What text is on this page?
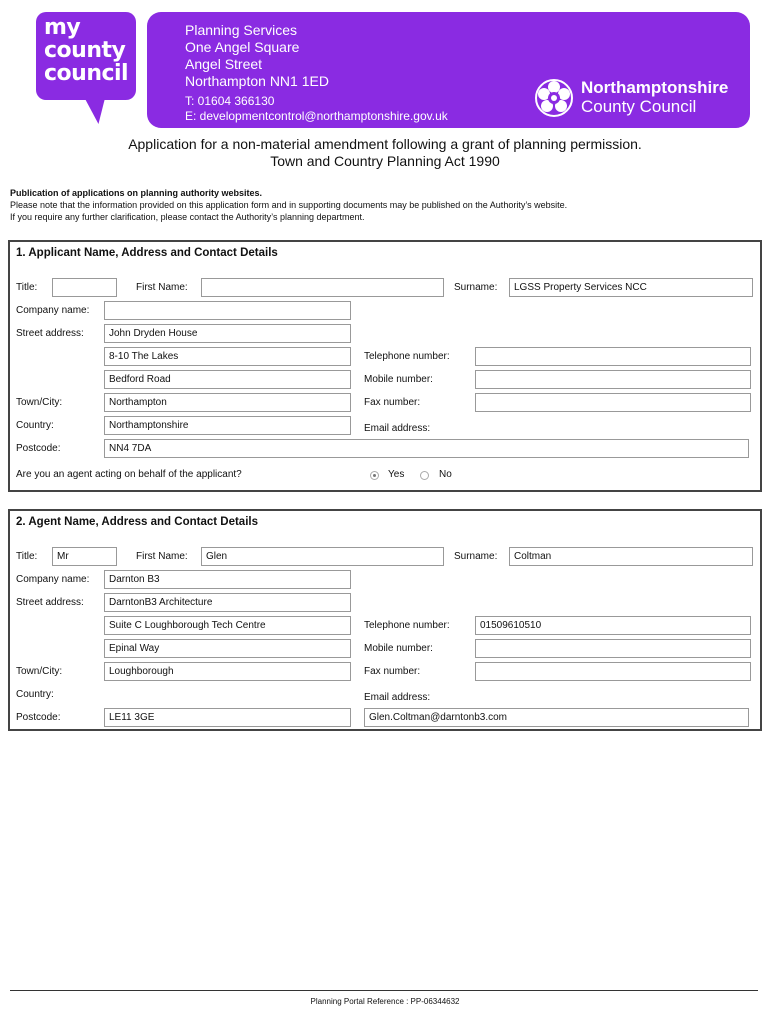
my
county
council
Planning Services
One Angel Square
Angel Street
Northampton NN1 1ED
T: 01604 366130
E: developmentcontrol@northamptonshire.gov.uk
Northamptonshire
County Council
Application for a non-material amendment following a grant of planning permission.
Town and Country Planning Act 1990
Publication of applications on planning authority websites.
Please note that the information provided on this application form and in supporting documents may be published on the Authority’s website.
If you require any further clarification, please contact the Authority’s planning department.
1. Applicant Name, Address and Contact Details
Title:	First Name:	Surname:	LGSS Property Services NCC
Company name:
Street address:	John Dryden House
8-10 The Lakes
Bedford Road
Town/City:	Northampton
Country:	Northamptonshire
Postcode:	NN4 7DA
Telephone number:
Mobile number:
Fax number:
Email address:
Are you an agent acting on behalf of the applicant?	Yes	No
2. Agent Name, Address and Contact Details
Title:	Mr	First Name:	Glen	Surname:	Coltman
Company name:	Darnton B3
Street address:	DarntonB3 Architecture
Suite C Loughborough Tech Centre
Epinal Way
Town/City:	Loughborough
Country:
Postcode:	LE11 3GE
Telephone number:	01509610510
Mobile number:
Fax number:
Email address:
Glen.Coltman@darntonb3.com
Planning Portal Reference : PP-06344632
